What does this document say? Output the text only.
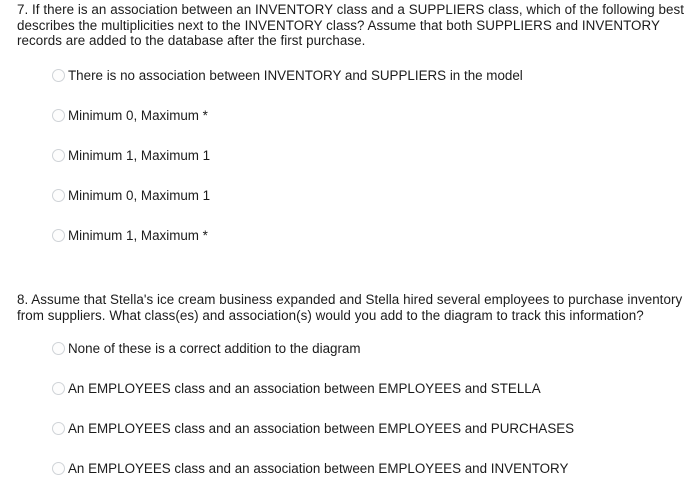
7. If there is an association between an INVENTORY class and a SUPPLIERS class, which of the following best describes the multiplicities next to the INVENTORY class? Assume that both SUPPLIERS and INVENTORY records are added to the database after the first purchase.

There is no association between INVENTORY and SUPPLIERS in the model
Minimum 0, Maximum *
Minimum 1, Maximum 1
Minimum 0, Maximum 1
Minimum 1, Maximum *

8. Assume that Stella's ice cream business expanded and Stella hired several employees to purchase inventory from suppliers. What class(es) and association(s) would you add to the diagram to track this information?

None of these is a correct addition to the diagram
An EMPLOYEES class and an association between EMPLOYEES and STELLA
An EMPLOYEES class and an association between EMPLOYEES and PURCHASES
An EMPLOYEES class and an association between EMPLOYEES and INVENTORY
